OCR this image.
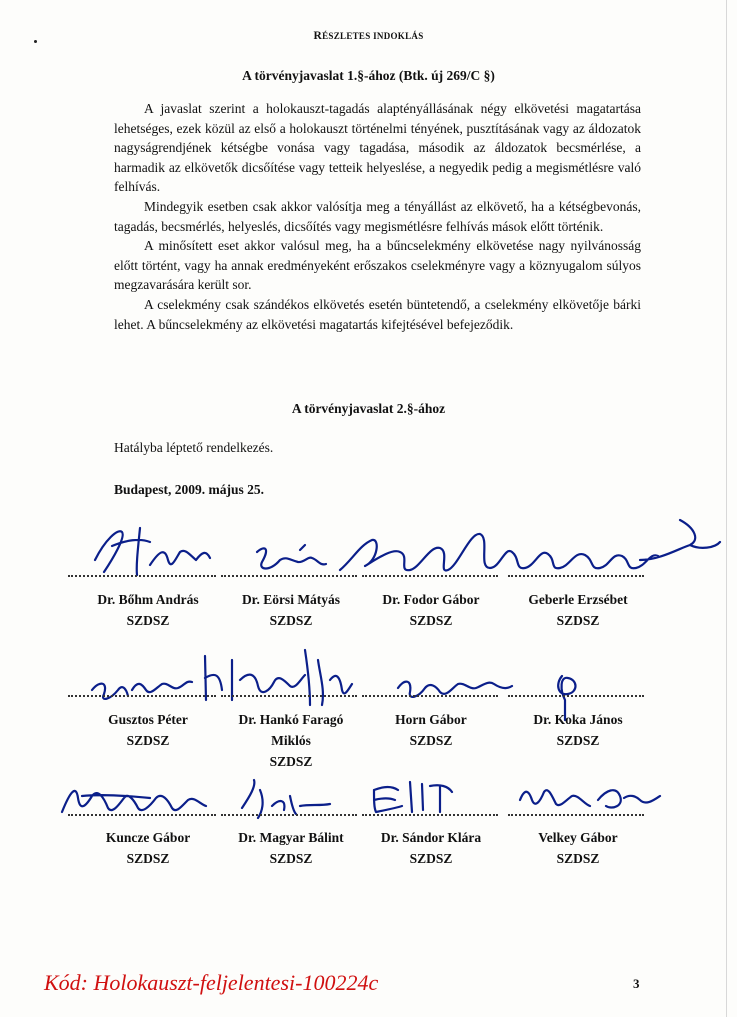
RÉSZLETES INDOKLÁS
A törvényjavaslat 1.§-ához (Btk. új 269/C §)

A javaslat szerint a holokauszt-tagadás alaptényállásának négy elkövetési magatartása lehetséges, ezek közül az első a holokauszt történelmi tényének, pusztításának vagy az áldozatok nagyságrendjének kétségbe vonása vagy tagadása, második az áldozatok becsmérlése, a harmadik az elkövetők dicsőítése vagy tetteik helyeslése, a negyedik pedig a megismétlésre való felhívás.

Mindegyik esetben csak akkor valósítja meg a tényállást az elkövető, ha a kétségbevonás, tagadás, becsmérlés, helyeslés, dicsőítés vagy megismétlésre felhívás mások előtt történik.

A minősített eset akkor valósul meg, ha a bűncselekmény elkövetése nagy nyilvánosság előtt történt, vagy ha annak eredményeként erőszakos cselekményre vagy a köznyugalom súlyos megzavarására került sor.

A cselekmény csak szándékos elkövetés esetén büntetendő, a cselekmény elkövetője bárki lehet. A bűncselekmény az elkövetési magatartás kifejtésével befejeződik.

A törvényjavaslat 2.§-ához
Hatályba léptető rendelkezés.
Budapest, 2009. május 25.
Dr. Bőhm András
SZDSZ
Dr. Eörsi Mátyás
SZDSZ
Dr. Fodor Gábor
SZDSZ
Geberle Erzsébet
SZDSZ
Gusztos Péter
SZDSZ
Dr. Hankó Faragó
Miklós
SZDSZ
Horn Gábor
SZDSZ
Dr. Koka János
SZDSZ
Kuncze Gábor
SZDSZ
Dr. Magyar Bálint
SZDSZ
Dr. Sándor Klára
SZDSZ
Velkey Gábor
SZDSZ
Kód: Holokauszt-feljelentesi-100224c	3
